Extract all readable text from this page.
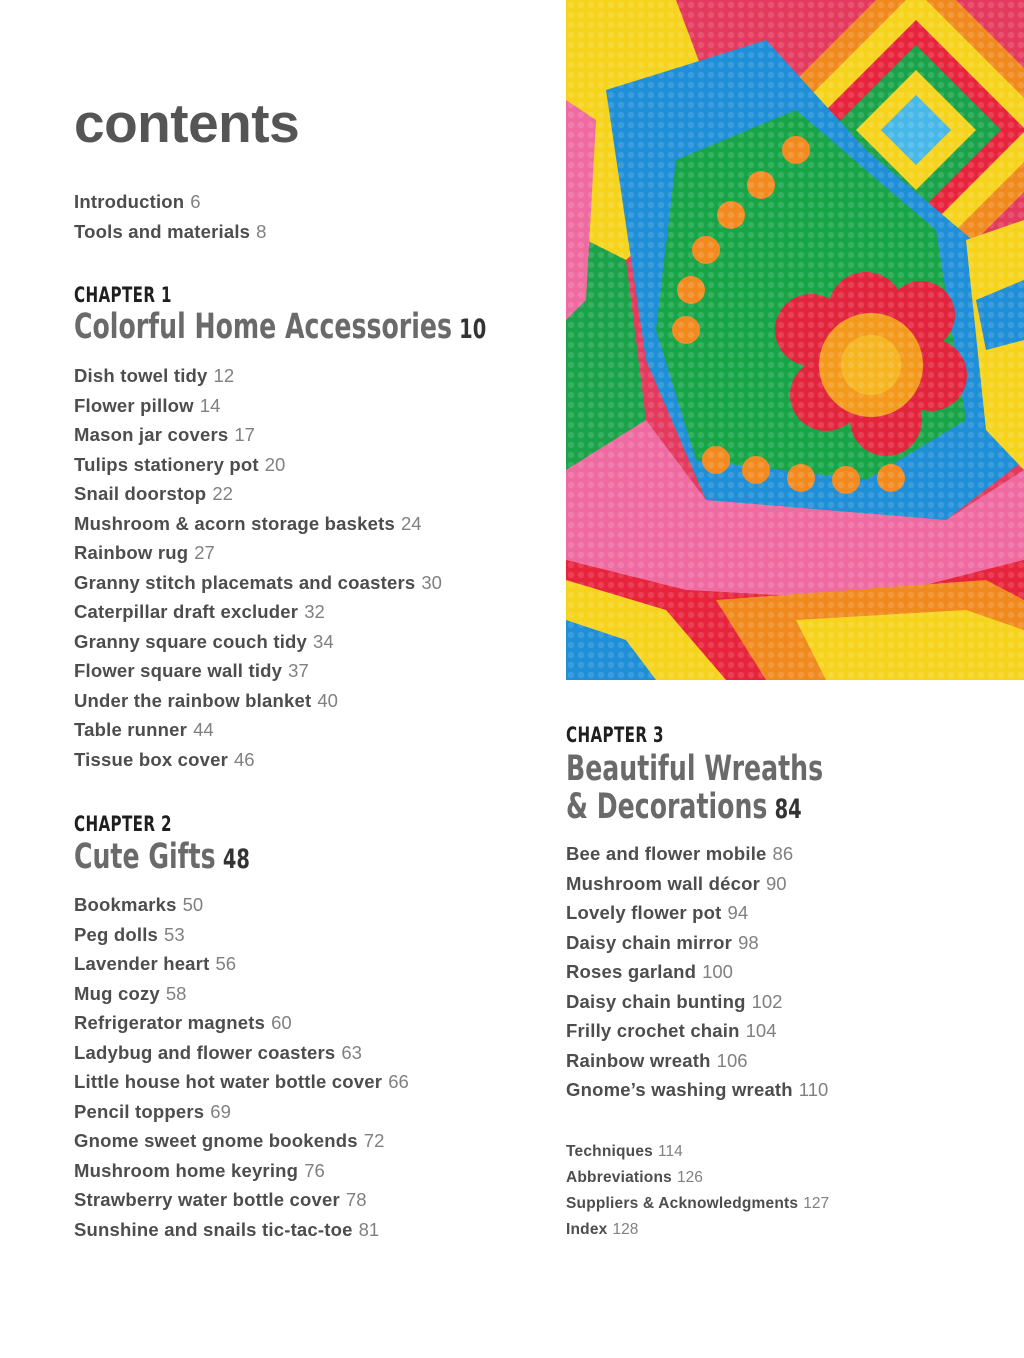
contents
Introduction 6
Tools and materials 8
CHAPTER 1
Colorful Home Accessories 10
Dish towel tidy 12
Flower pillow 14
Mason jar covers 17
Tulips stationery pot 20
Snail doorstop 22
Mushroom & acorn storage baskets 24
Rainbow rug 27
Granny stitch placemats and coasters 30
Caterpillar draft excluder 32
Granny square couch tidy 34
Flower square wall tidy 37
Under the rainbow blanket 40
Table runner 44
Tissue box cover 46
CHAPTER 2
Cute Gifts 48
Bookmarks 50
Peg dolls 53
Lavender heart 56
Mug cozy 58
Refrigerator magnets 60
Ladybug and flower coasters 63
Little house hot water bottle cover 66
Pencil toppers 69
Gnome sweet gnome bookends 72
Mushroom home keyring 76
Strawberry water bottle cover 78
Sunshine and snails tic-tac-toe 81
CHAPTER 3
Beautiful Wreaths
& Decorations 84
Bee and flower mobile 86
Mushroom wall décor 90
Lovely flower pot 94
Daisy chain mirror 98
Roses garland 100
Daisy chain bunting 102
Frilly crochet chain 104
Rainbow wreath 106
Gnome’s washing wreath 110
Techniques 114
Abbreviations 126
Suppliers & Acknowledgments 127
Index 128
